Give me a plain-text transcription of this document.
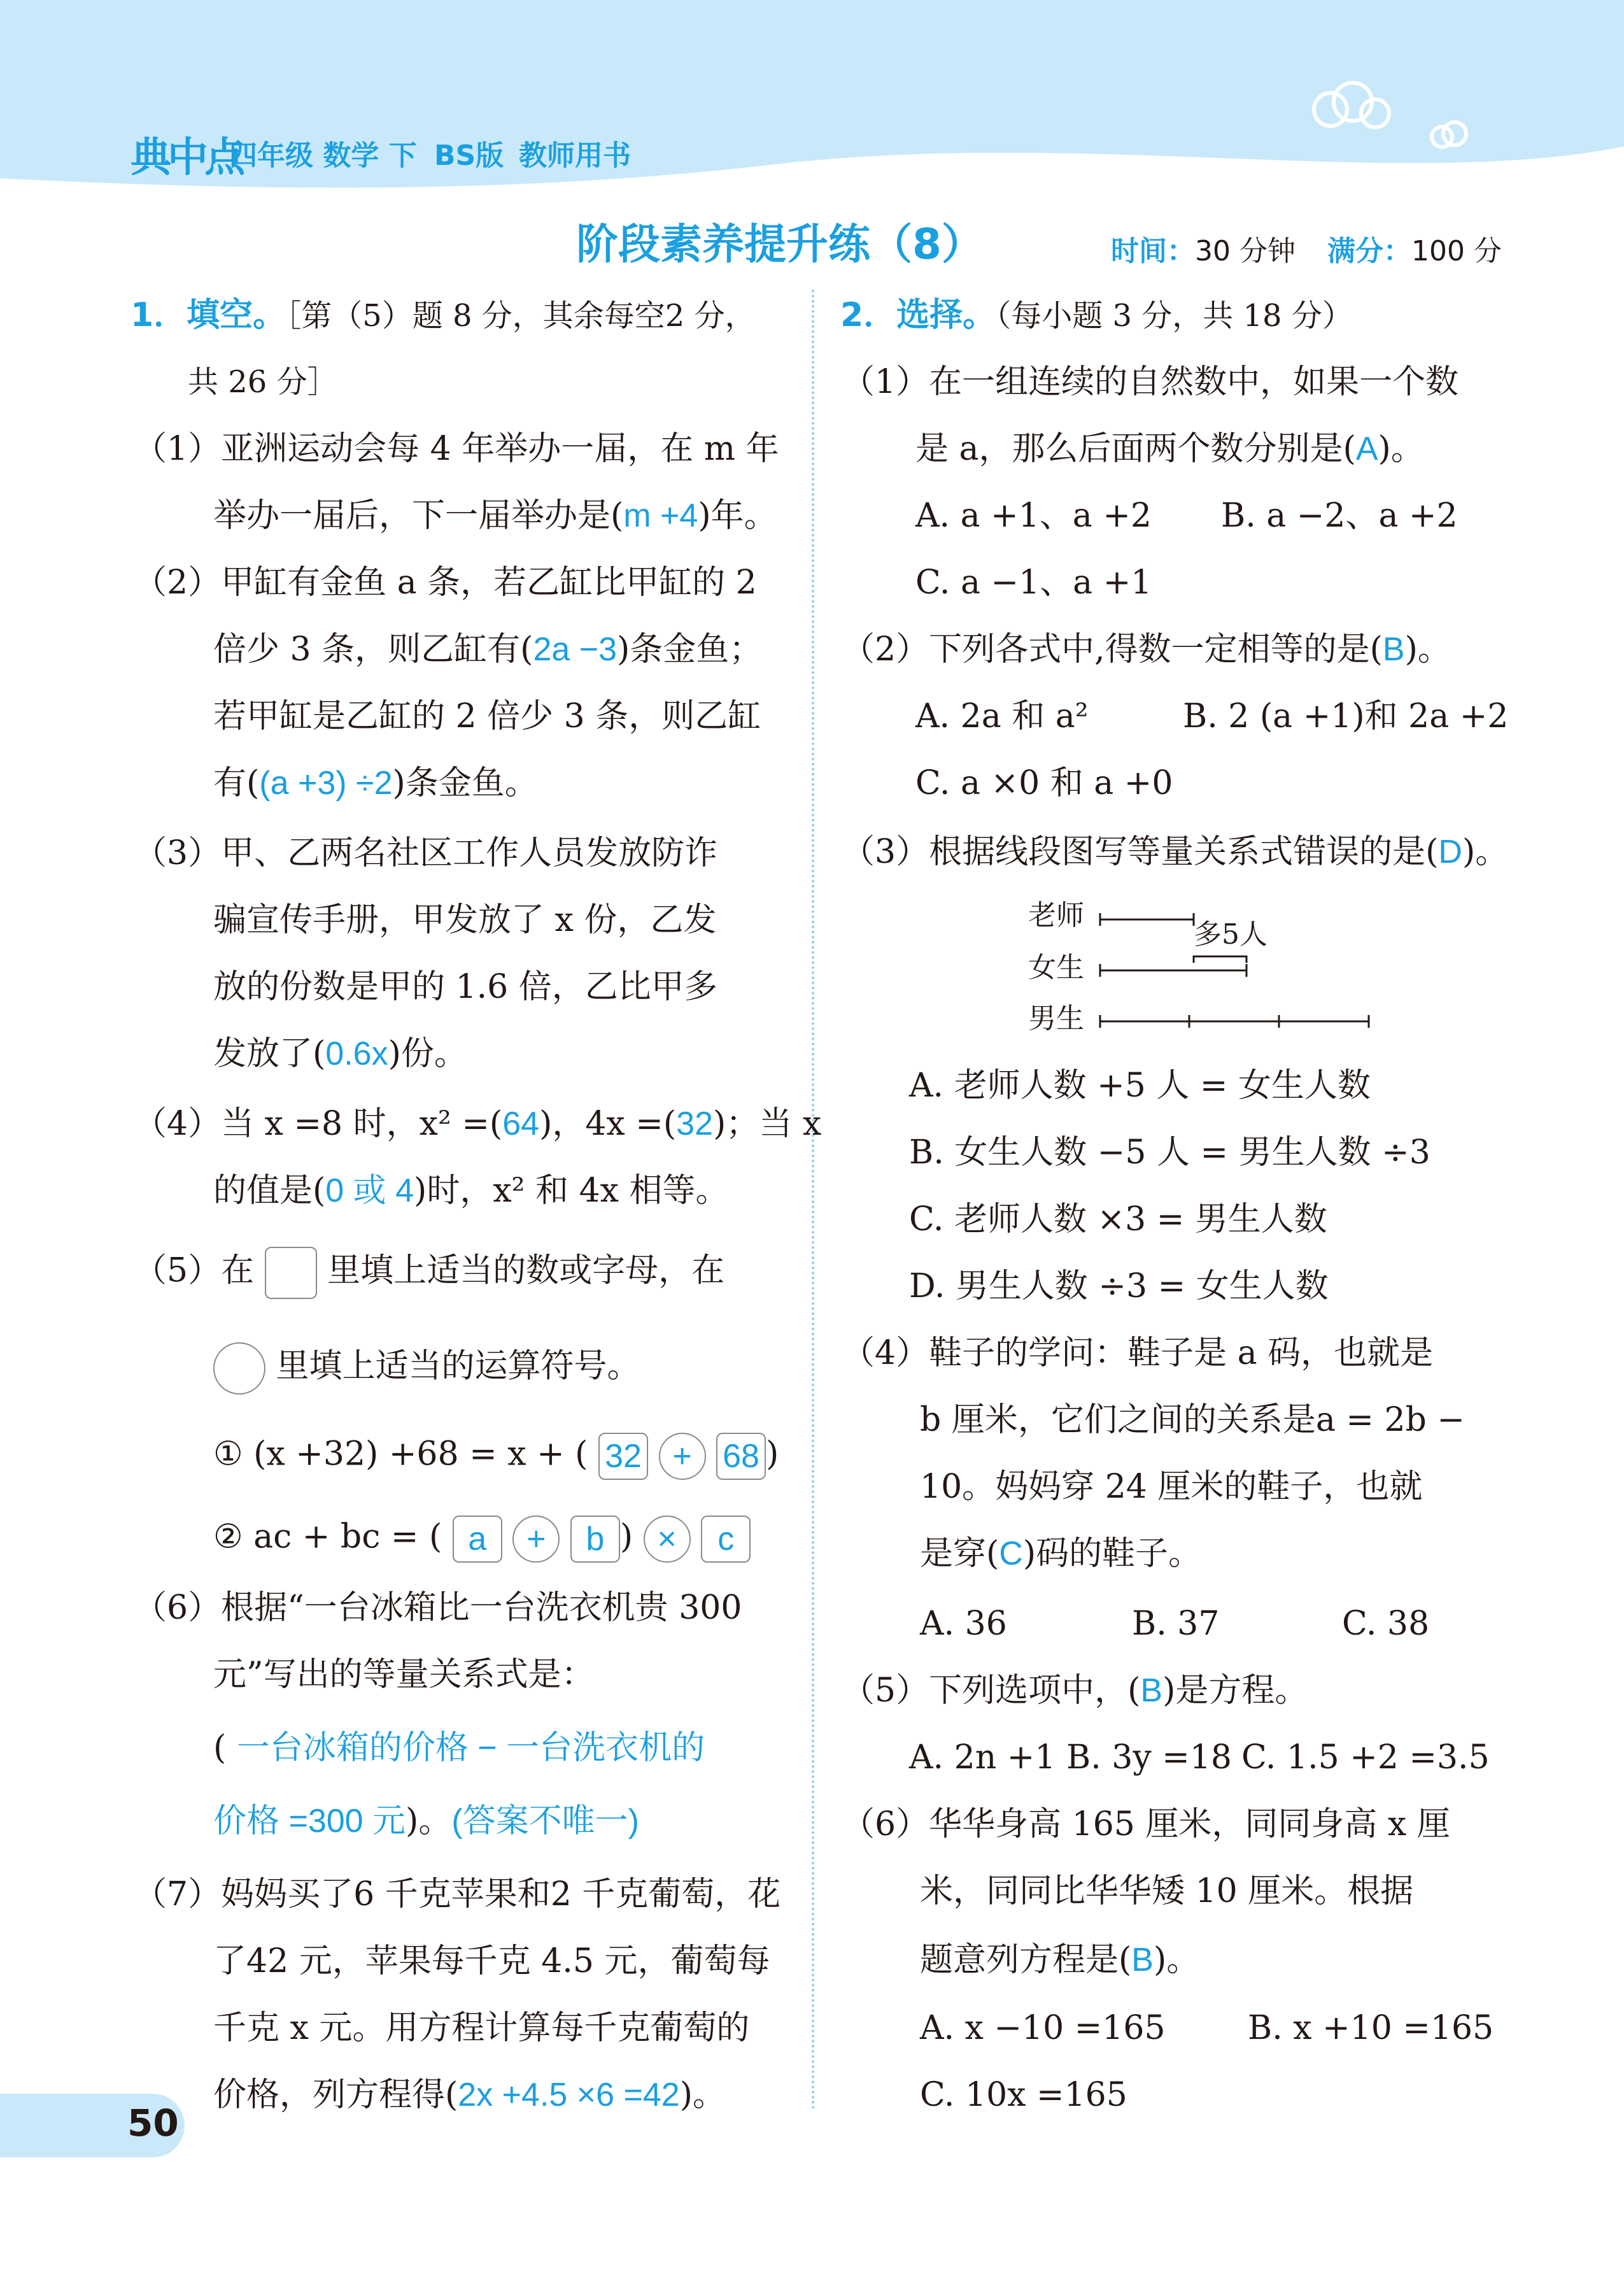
典中点
四年级 数学 下 BS版 教师用书
阶段素养提升练（8）	时间：30 分钟 满分：100 分
1．填空。［第（5）题 8 分，其余每空2 分，
共 26 分］
（1）亚洲运动会每 4 年举办一届，在 m 年
举办一届后，下一届举办是(m +4)年。
（2）甲缸有金鱼 a 条，若乙缸比甲缸的 2
倍少 3 条，则乙缸有(2a −3)条金鱼；
若甲缸是乙缸的 2 倍少 3 条，则乙缸
有((a +3) ÷2)条金鱼。
（3）甲、乙两名社区工作人员发放防诈
骗宣传手册，甲发放了 x 份，乙发
放的份数是甲的 1.6 倍，乙比甲多
发放了(0.6x)份。
（4）当 x =8 时，x² =(64)，4x =(32)；当 x
的值是(0 或 4)时，x² 和 4x 相等。
（5）在 里填上适当的数或字母，在
里填上适当的运算符号。
① (x +32) +68 = x + ( 32 + 68 )
② ac + bc = ( a + b ) × c
（6）根据“一台冰箱比一台洗衣机贵 300
元”写出的等量关系式是：
( 一台冰箱的价格 − 一台洗衣机的
价格 =300 元)。(答案不唯一)
（7）妈妈买了6 千克苹果和2 千克葡萄，花
了42 元，苹果每千克 4.5 元，葡萄每
千克 x 元。用方程计算每千克葡萄的
价格，列方程得(2x +4.5 ×6 =42)。
2．选择。（每小题 3 分，共 18 分）
（1）在一组连续的自然数中，如果一个数
是 a，那么后面两个数分别是(A)。
A. a +1、a +2 B. a −2、a +2
C. a −1、a +1
（2）下列各式中,得数一定相等的是(B)。
A. 2a 和 a²	B. 2 (a +1)和 2a +2
C. a ×0 和 a +0
（3）根据线段图写等量关系式错误的是(D)。
老师
女生
男生
多5人
A. 老师人数 +5 人 = 女生人数
B. 女生人数 −5 人 = 男生人数 ÷3
C. 老师人数 ×3 = 男生人数
D. 男生人数 ÷3 = 女生人数
（4）鞋子的学问：鞋子是 a 码，也就是
b 厘米，它们之间的关系是a = 2b −
10。妈妈穿 24 厘米的鞋子，也就
是穿(C)码的鞋子。
A. 36	B. 37	C. 38
（5）下列选项中，(B)是方程。
A. 2n +1 B. 3y =18 C. 1.5 +2 =3.5
（6）华华身高 165 厘米，同同身高 x 厘
米，同同比华华矮 10 厘米。根据
题意列方程是(B)。
A. x −10 =165 B. x +10 =165
C. 10x =165
50
